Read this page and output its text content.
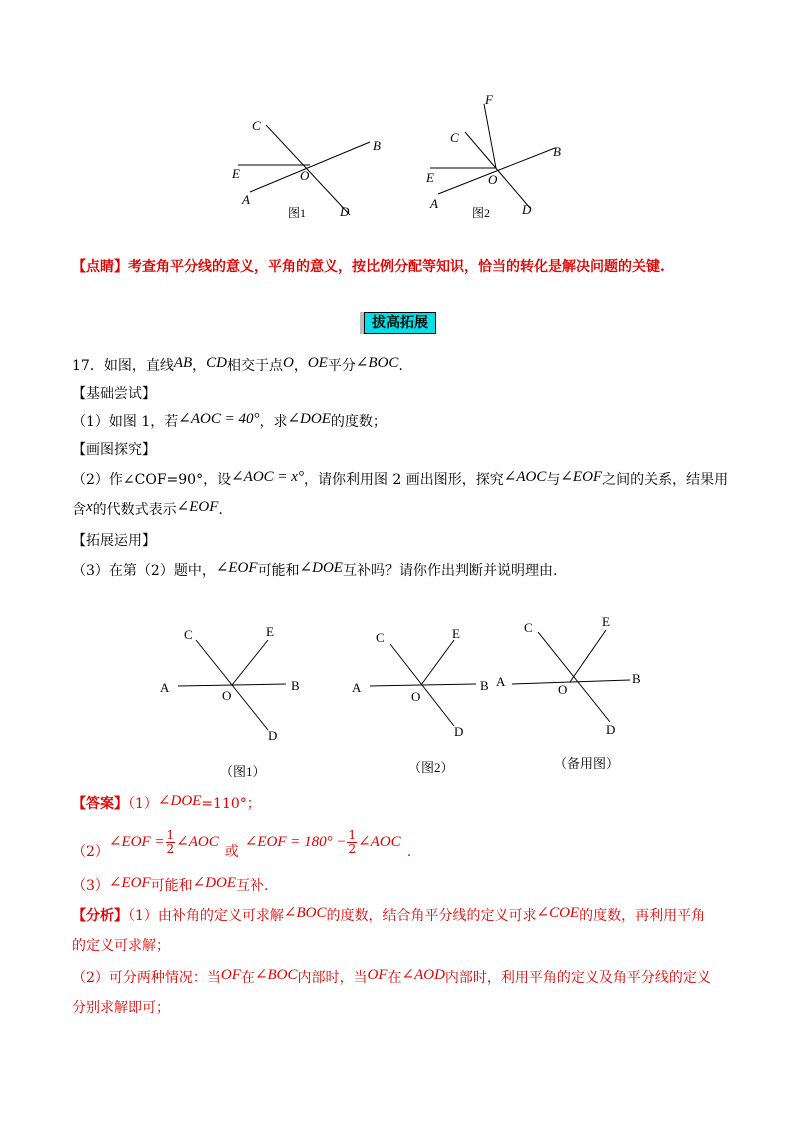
C
B
E	O
A
D
图1
F
C
B
E	O
A	D
图2
【点睛】考查角平分线的意义，平角的意义，按比例分配等知识，恰当的转化是解决问题的关键.
拔高拓展
17．如图，直线AB，CD相交于点O，OE平分∠BOC.
【基础尝试】
（1）如图 1，若∠AOC = 40°，求∠DOE的度数；
【画图探究】
（2）作∠COF=90°，设∠AOC = x°，请你利用图 2 画出图形，探究∠AOC与∠EOF之间的关系，结果用
含x的代数式表示∠EOF.
【拓展运用】
（3）在第（2）题中，∠EOF可能和∠DOE互补吗？请你作出判断并说明理由.
C	E
A
O
B
D
（图1）
C	E
A
O
B
D
（图2）
C	E
A
O
B
D
（备用图）
【答案】（1）∠DOE=110°；
（2）∠EOF = $\frac{1}{2}$ ∠AOC或∠EOF = $180^\circ - \frac{1}{2}$ ∠AOC.
（3）∠EOF可能和∠DOE互补.
【分析】（1）由补角的定义可求解∠BOC的度数，结合角平分线的定义可求∠COE的度数，再利用平角
的定义可求解；
（2）可分两种情况：当OF在∠BOC内部时，当OF在∠AOD内部时，利用平角的定义及角平分线的定义
分别求解即可；
